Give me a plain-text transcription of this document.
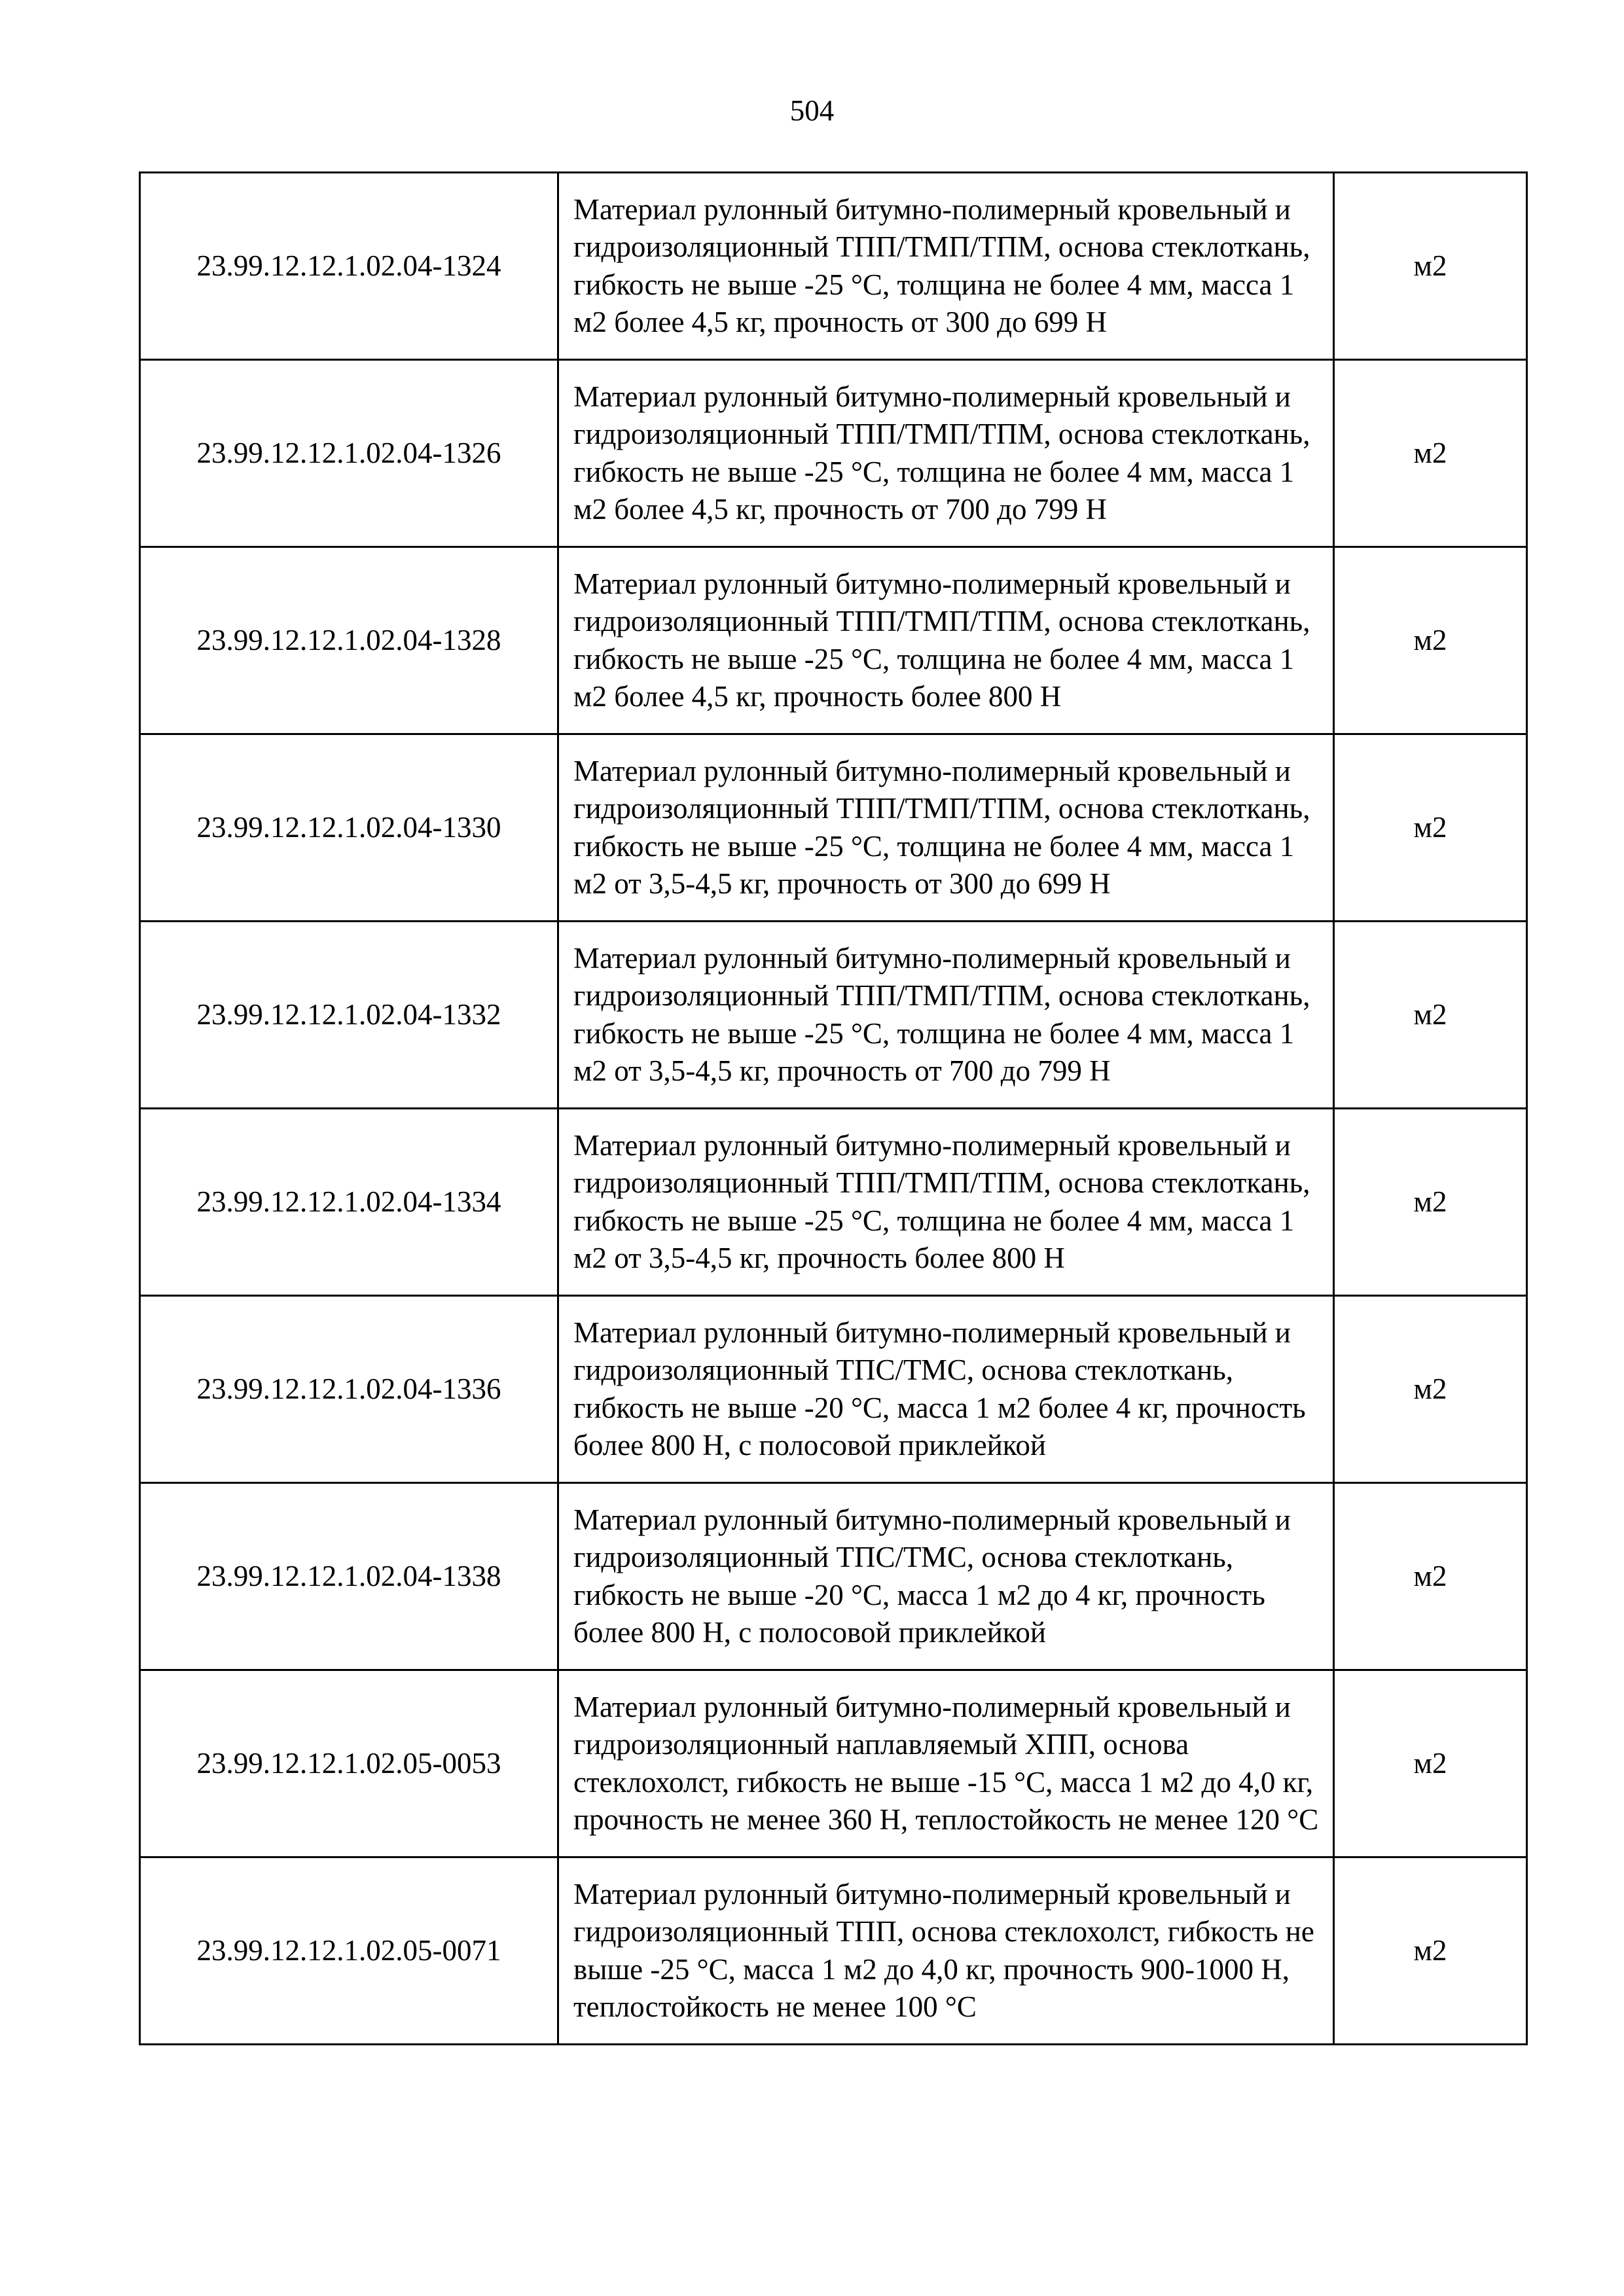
504
23.99.12.12.1.02.04-1324	Материал рулонный битумно-полимерный кровельный и гидроизоляционный ТПП/ТМП/ТПМ, основа стеклоткань, гибкость не выше -25 °С, толщина не более 4 мм, масса 1 м2 более 4,5 кг, прочность от 300 до 699 Н	м2
23.99.12.12.1.02.04-1326	Материал рулонный битумно-полимерный кровельный и гидроизоляционный ТПП/ТМП/ТПМ, основа стеклоткань, гибкость не выше -25 °С, толщина не более 4 мм, масса 1 м2 более 4,5 кг, прочность от 700 до 799 Н	м2
23.99.12.12.1.02.04-1328	Материал рулонный битумно-полимерный кровельный и гидроизоляционный ТПП/ТМП/ТПМ, основа стеклоткань, гибкость не выше -25 °С, толщина не более 4 мм, масса 1 м2 более 4,5 кг, прочность более 800 Н	м2
23.99.12.12.1.02.04-1330	Материал рулонный битумно-полимерный кровельный и гидроизоляционный ТПП/ТМП/ТПМ, основа стеклоткань, гибкость не выше -25 °С, толщина не более 4 мм, масса 1 м2 от 3,5-4,5 кг, прочность от 300 до 699 Н	м2
23.99.12.12.1.02.04-1332	Материал рулонный битумно-полимерный кровельный и гидроизоляционный ТПП/ТМП/ТПМ, основа стеклоткань, гибкость не выше -25 °С, толщина не более 4 мм, масса 1 м2 от 3,5-4,5 кг, прочность от 700 до 799 Н	м2
23.99.12.12.1.02.04-1334	Материал рулонный битумно-полимерный кровельный и гидроизоляционный ТПП/ТМП/ТПМ, основа стеклоткань, гибкость не выше -25 °С, толщина не более 4 мм, масса 1 м2 от 3,5-4,5 кг, прочность более 800 Н	м2
23.99.12.12.1.02.04-1336	Материал рулонный битумно-полимерный кровельный и гидроизоляционный ТПС/ТМС, основа стеклоткань, гибкость не выше -20 °С, масса 1 м2 более 4 кг, прочность более 800 Н, с полосовой приклейкой	м2
23.99.12.12.1.02.04-1338	Материал рулонный битумно-полимерный кровельный и гидроизоляционный ТПС/ТМС, основа стеклоткань, гибкость не выше -20 °С, масса 1 м2 до 4 кг, прочность более 800 Н, с полосовой приклейкой	м2
23.99.12.12.1.02.05-0053	Материал рулонный битумно-полимерный кровельный и гидроизоляционный наплавляемый ХПП, основа стеклохолст, гибкость не выше -15 °С, масса 1 м2 до 4,0 кг, прочность не менее 360 Н, теплостойкость не менее 120 °С	м2
23.99.12.12.1.02.05-0071	Материал рулонный битумно-полимерный кровельный и гидроизоляционный ТПП, основа стеклохолст, гибкость не выше -25 °С, масса 1 м2 до 4,0 кг, прочность 900-1000 Н, теплостойкость не менее 100 °С	м2
